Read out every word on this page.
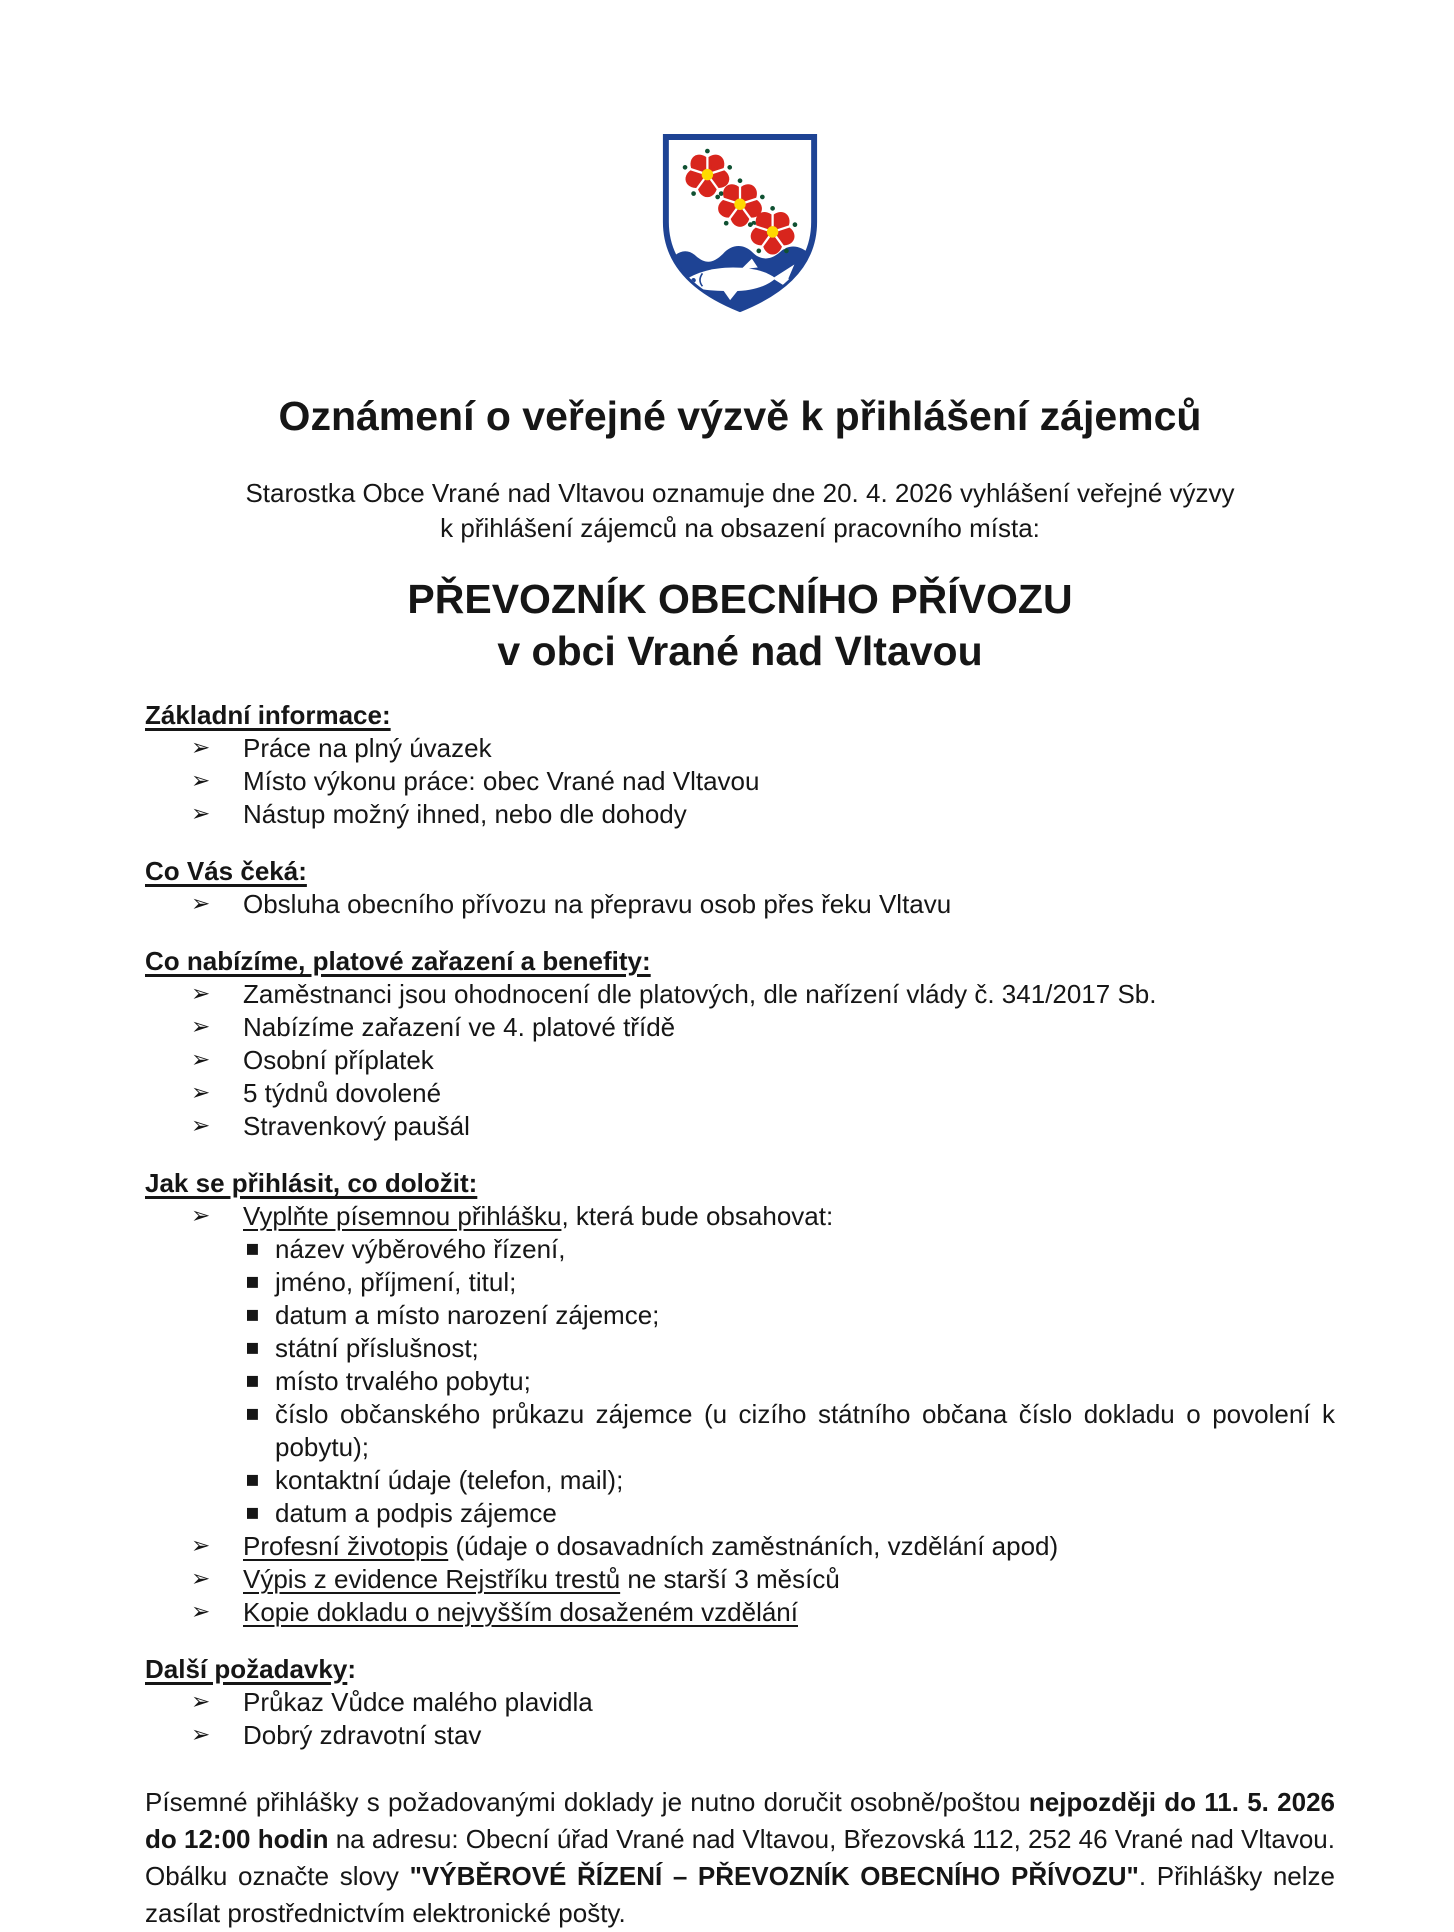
Oznámení o veřejné výzvě k přihlášení zájemců
Starostka Obce Vrané nad Vltavou oznamuje dne 20. 4. 2026 vyhlášení veřejné výzvy
k přihlášení zájemců na obsazení pracovního místa:
PŘEVOZNÍK OBECNÍHO PŘÍVOZU
v obci Vrané nad Vltavou
Základní informace:
➢ Práce na plný úvazek
➢ Místo výkonu práce: obec Vrané nad Vltavou
➢ Nástup možný ihned, nebo dle dohody
Co Vás čeká:
➢ Obsluha obecního přívozu na přepravu osob přes řeku Vltavu
Co nabízíme, platové zařazení a benefity:
➢ Zaměstnanci jsou ohodnocení dle platových, dle nařízení vlády č. 341/2017 Sb.
➢ Nabízíme zařazení ve 4. platové třídě
➢ Osobní příplatek
➢ 5 týdnů dovolené
➢ Stravenkový paušál
Jak se přihlásit, co doložit:
➢ Vyplňte písemnou přihlášku, která bude obsahovat:
▪ název výběrového řízení,
▪ jméno, příjmení, titul;
▪ datum a místo narození zájemce;
▪ státní příslušnost;
▪ místo trvalého pobytu;
▪ číslo občanského průkazu zájemce (u cizího státního občana číslo dokladu o povolení k pobytu);
▪ kontaktní údaje (telefon, mail);
▪ datum a podpis zájemce
➢ Profesní životopis (údaje o dosavadních zaměstnáních, vzdělání apod)
➢ Výpis z evidence Rejstříku trestů ne starší 3 měsíců
➢ Kopie dokladu o nejvyšším dosaženém vzdělání
Další požadavky:
➢ Průkaz Vůdce malého plavidla
➢ Dobrý zdravotní stav
Písemné přihlášky s požadovanými doklady je nutno doručit osobně/poštou nejpozději do 11. 5. 2026 do 12:00 hodin na adresu: Obecní úřad Vrané nad Vltavou, Březovská 112, 252 46 Vrané nad Vltavou. Obálku označte slovy "VÝBĚROVÉ ŘÍZENÍ – PŘEVOZNÍK OBECNÍHO PŘÍVOZU". Přihlášky nelze zasílat prostřednictvím elektronické pošty.
